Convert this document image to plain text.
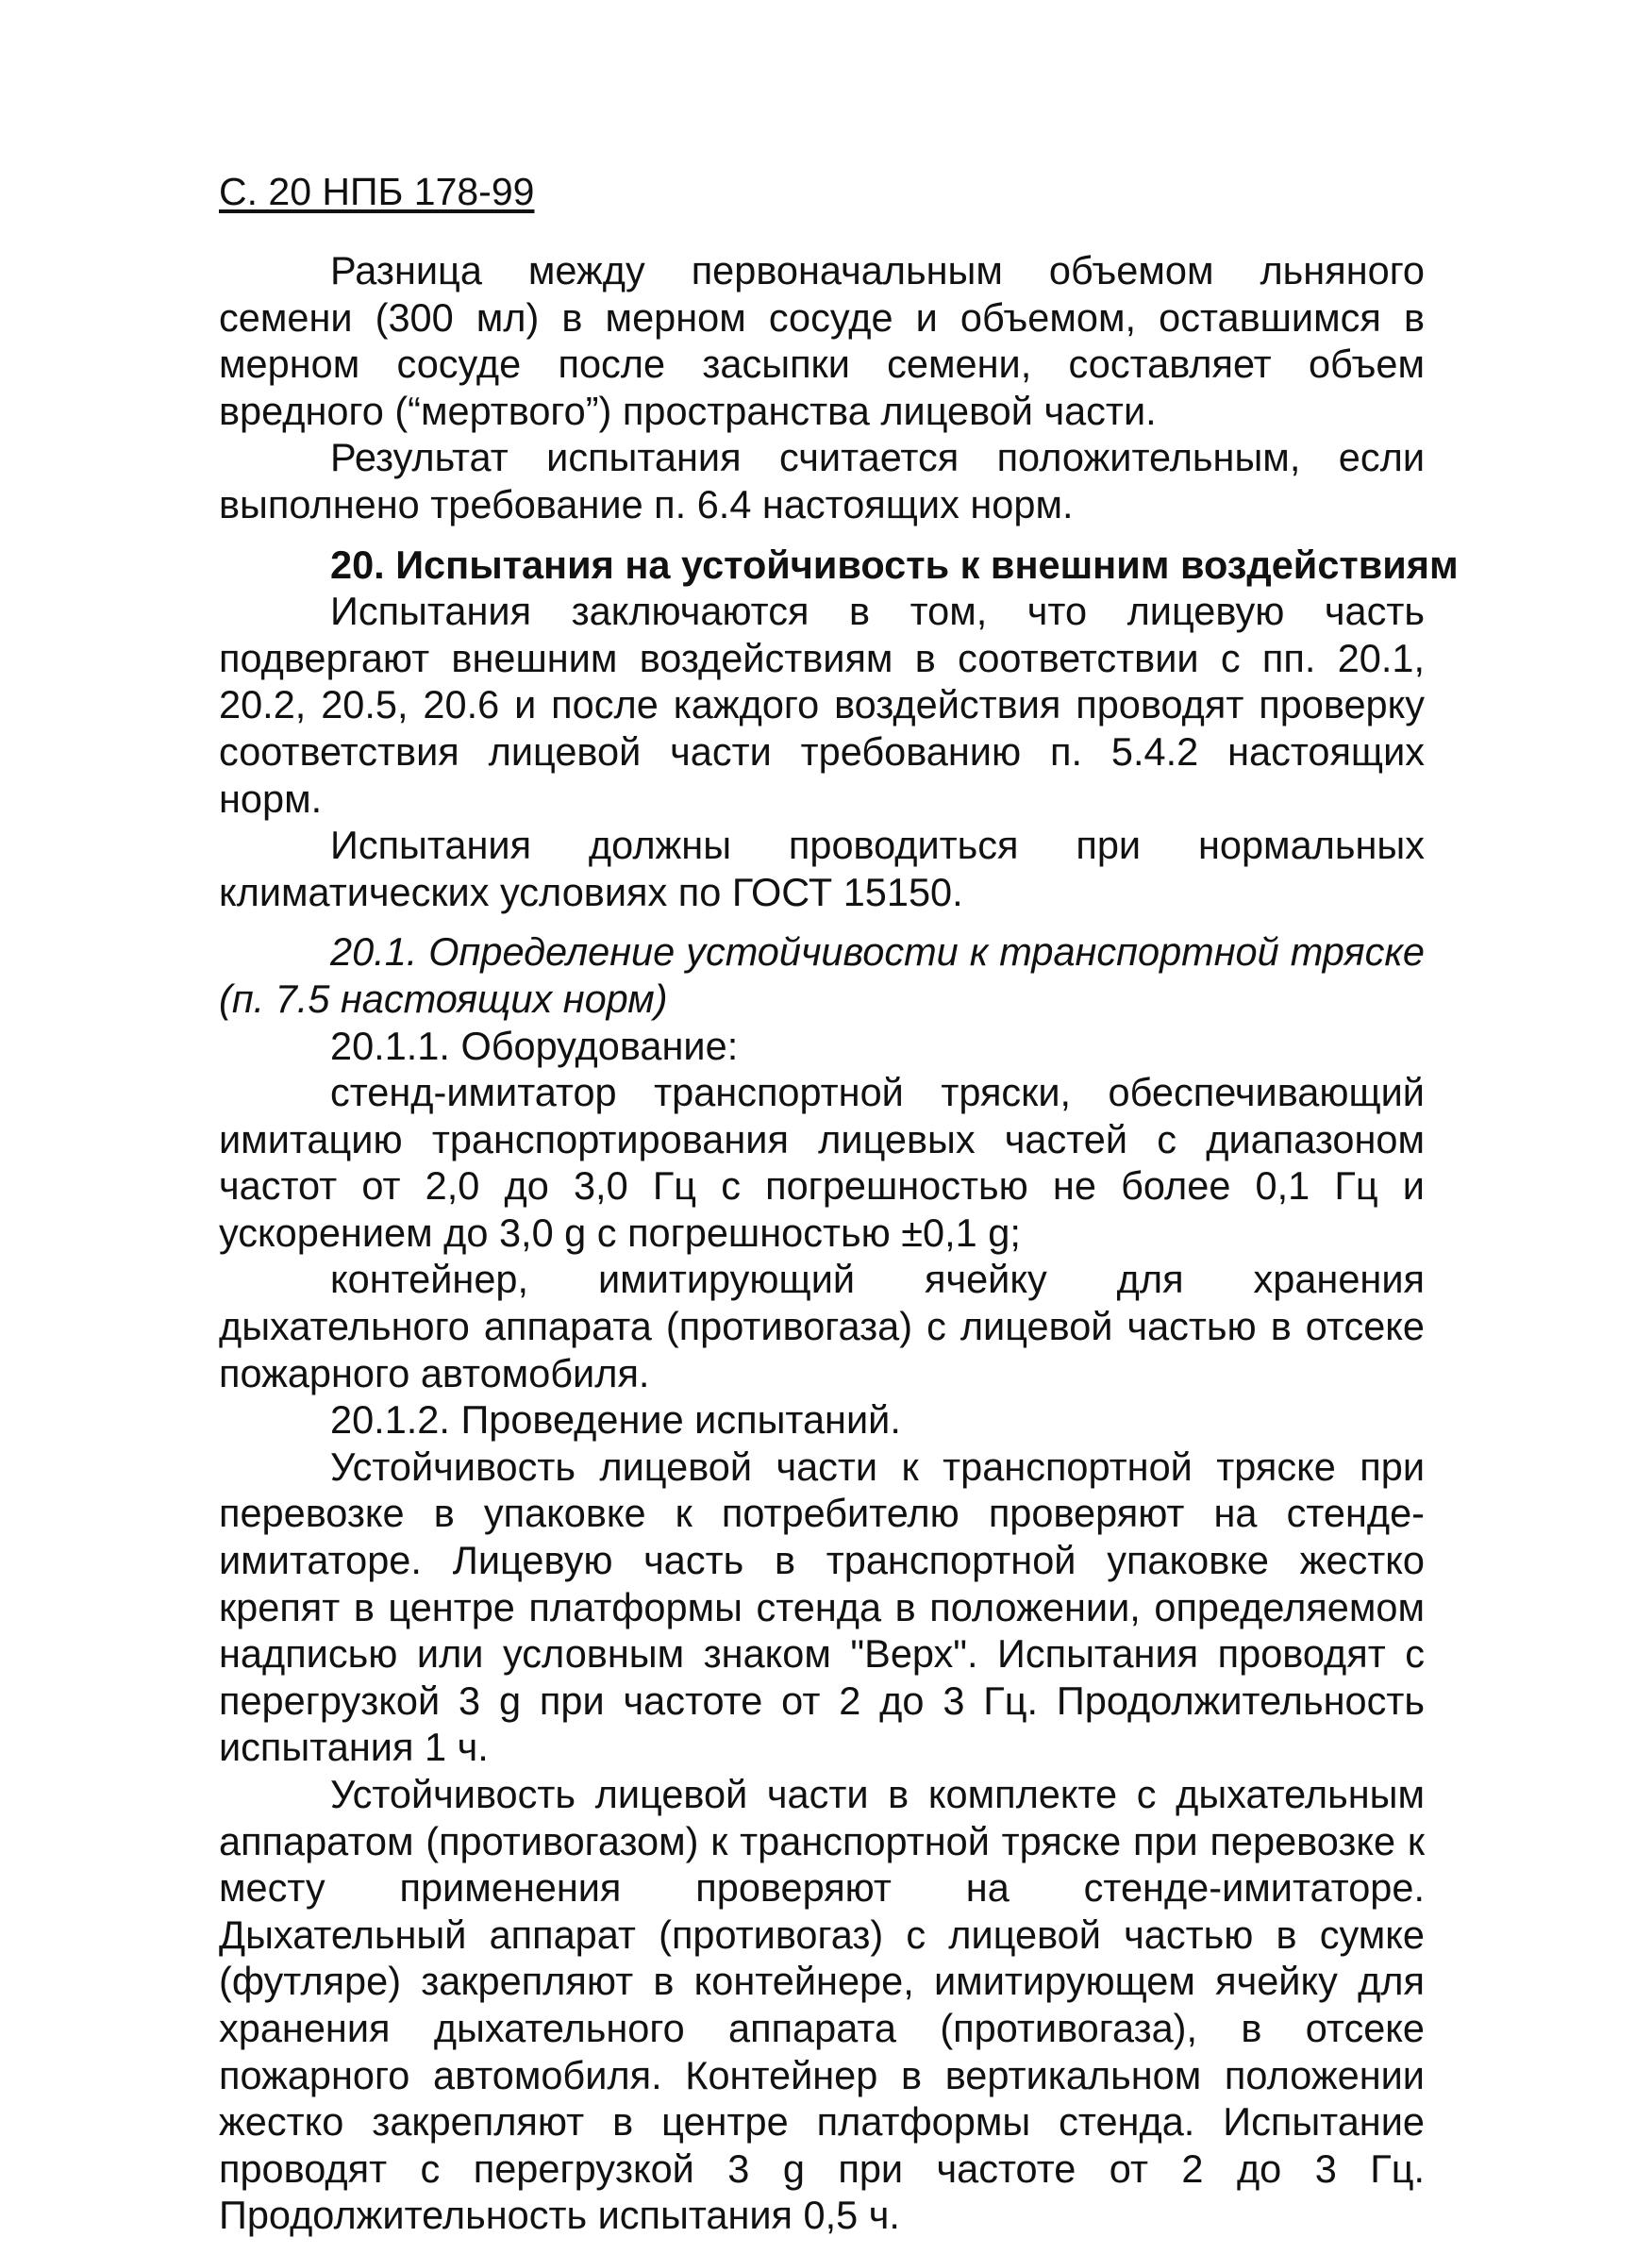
С. 20 НПБ 178-99

Разница между первоначальным объемом льняного семени (300 мл) в мерном сосуде и объемом, оставшимся в мерном сосуде после засыпки семени, составляет объем вредного (“мертвого”) пространства лицевой части.

Результат испытания считается положительным, если выполнено требование п. 6.4 настоящих норм.

20. Испытания на устойчивость к внешним воздействиям

Испытания заключаются в том, что лицевую часть подвергают внешним воздействиям в соответствии с пп. 20.1, 20.2, 20.5, 20.6 и после каждого воздействия проводят проверку соответствия лицевой части требованию п. 5.4.2 настоящих норм.

Испытания должны проводиться при нормальных климатических условиях по ГОСТ 15150.

20.1. Определение устойчивости к транспортной тряске (п. 7.5 настоящих норм)

20.1.1. Оборудование:

стенд-имитатор транспортной тряски, обеспечивающий имитацию транспортирования лицевых частей с диапазоном частот от 2,0 до 3,0 Гц с погрешностью не более 0,1 Гц и ускорением до 3,0 g с погрешностью ±0,1 g;

контейнер, имитирующий ячейку для хранения дыхательного аппарата (противогаза) с лицевой частью в отсеке пожарного автомобиля.

20.1.2. Проведение испытаний.

Устойчивость лицевой части к транспортной тряске при перевозке в упаковке к потребителю проверяют на стенде-имитаторе. Лицевую часть в транспортной упаковке жестко крепят в центре платформы стенда в положении, определяемом надписью или условным знаком "Верх". Испытания проводят с перегрузкой 3 g при частоте от 2 до 3 Гц. Продолжительность испытания 1 ч.

Устойчивость лицевой части в комплекте с дыхательным аппаратом (противогазом) к транспортной тряске при перевозке к месту применения проверяют на стенде-имитаторе. Дыхательный аппарат (противогаз) с лицевой частью в сумке (футляре) закрепляют в контейнере, имитирующем ячейку для хранения дыхательного аппарата (противогаза), в отсеке пожарного автомобиля. Контейнер в вертикальном положении жестко закрепляют в центре платформы стенда. Испытание проводят с перегрузкой 3 g при частоте от 2 до 3 Гц. Продолжительность испытания 0,5 ч.
